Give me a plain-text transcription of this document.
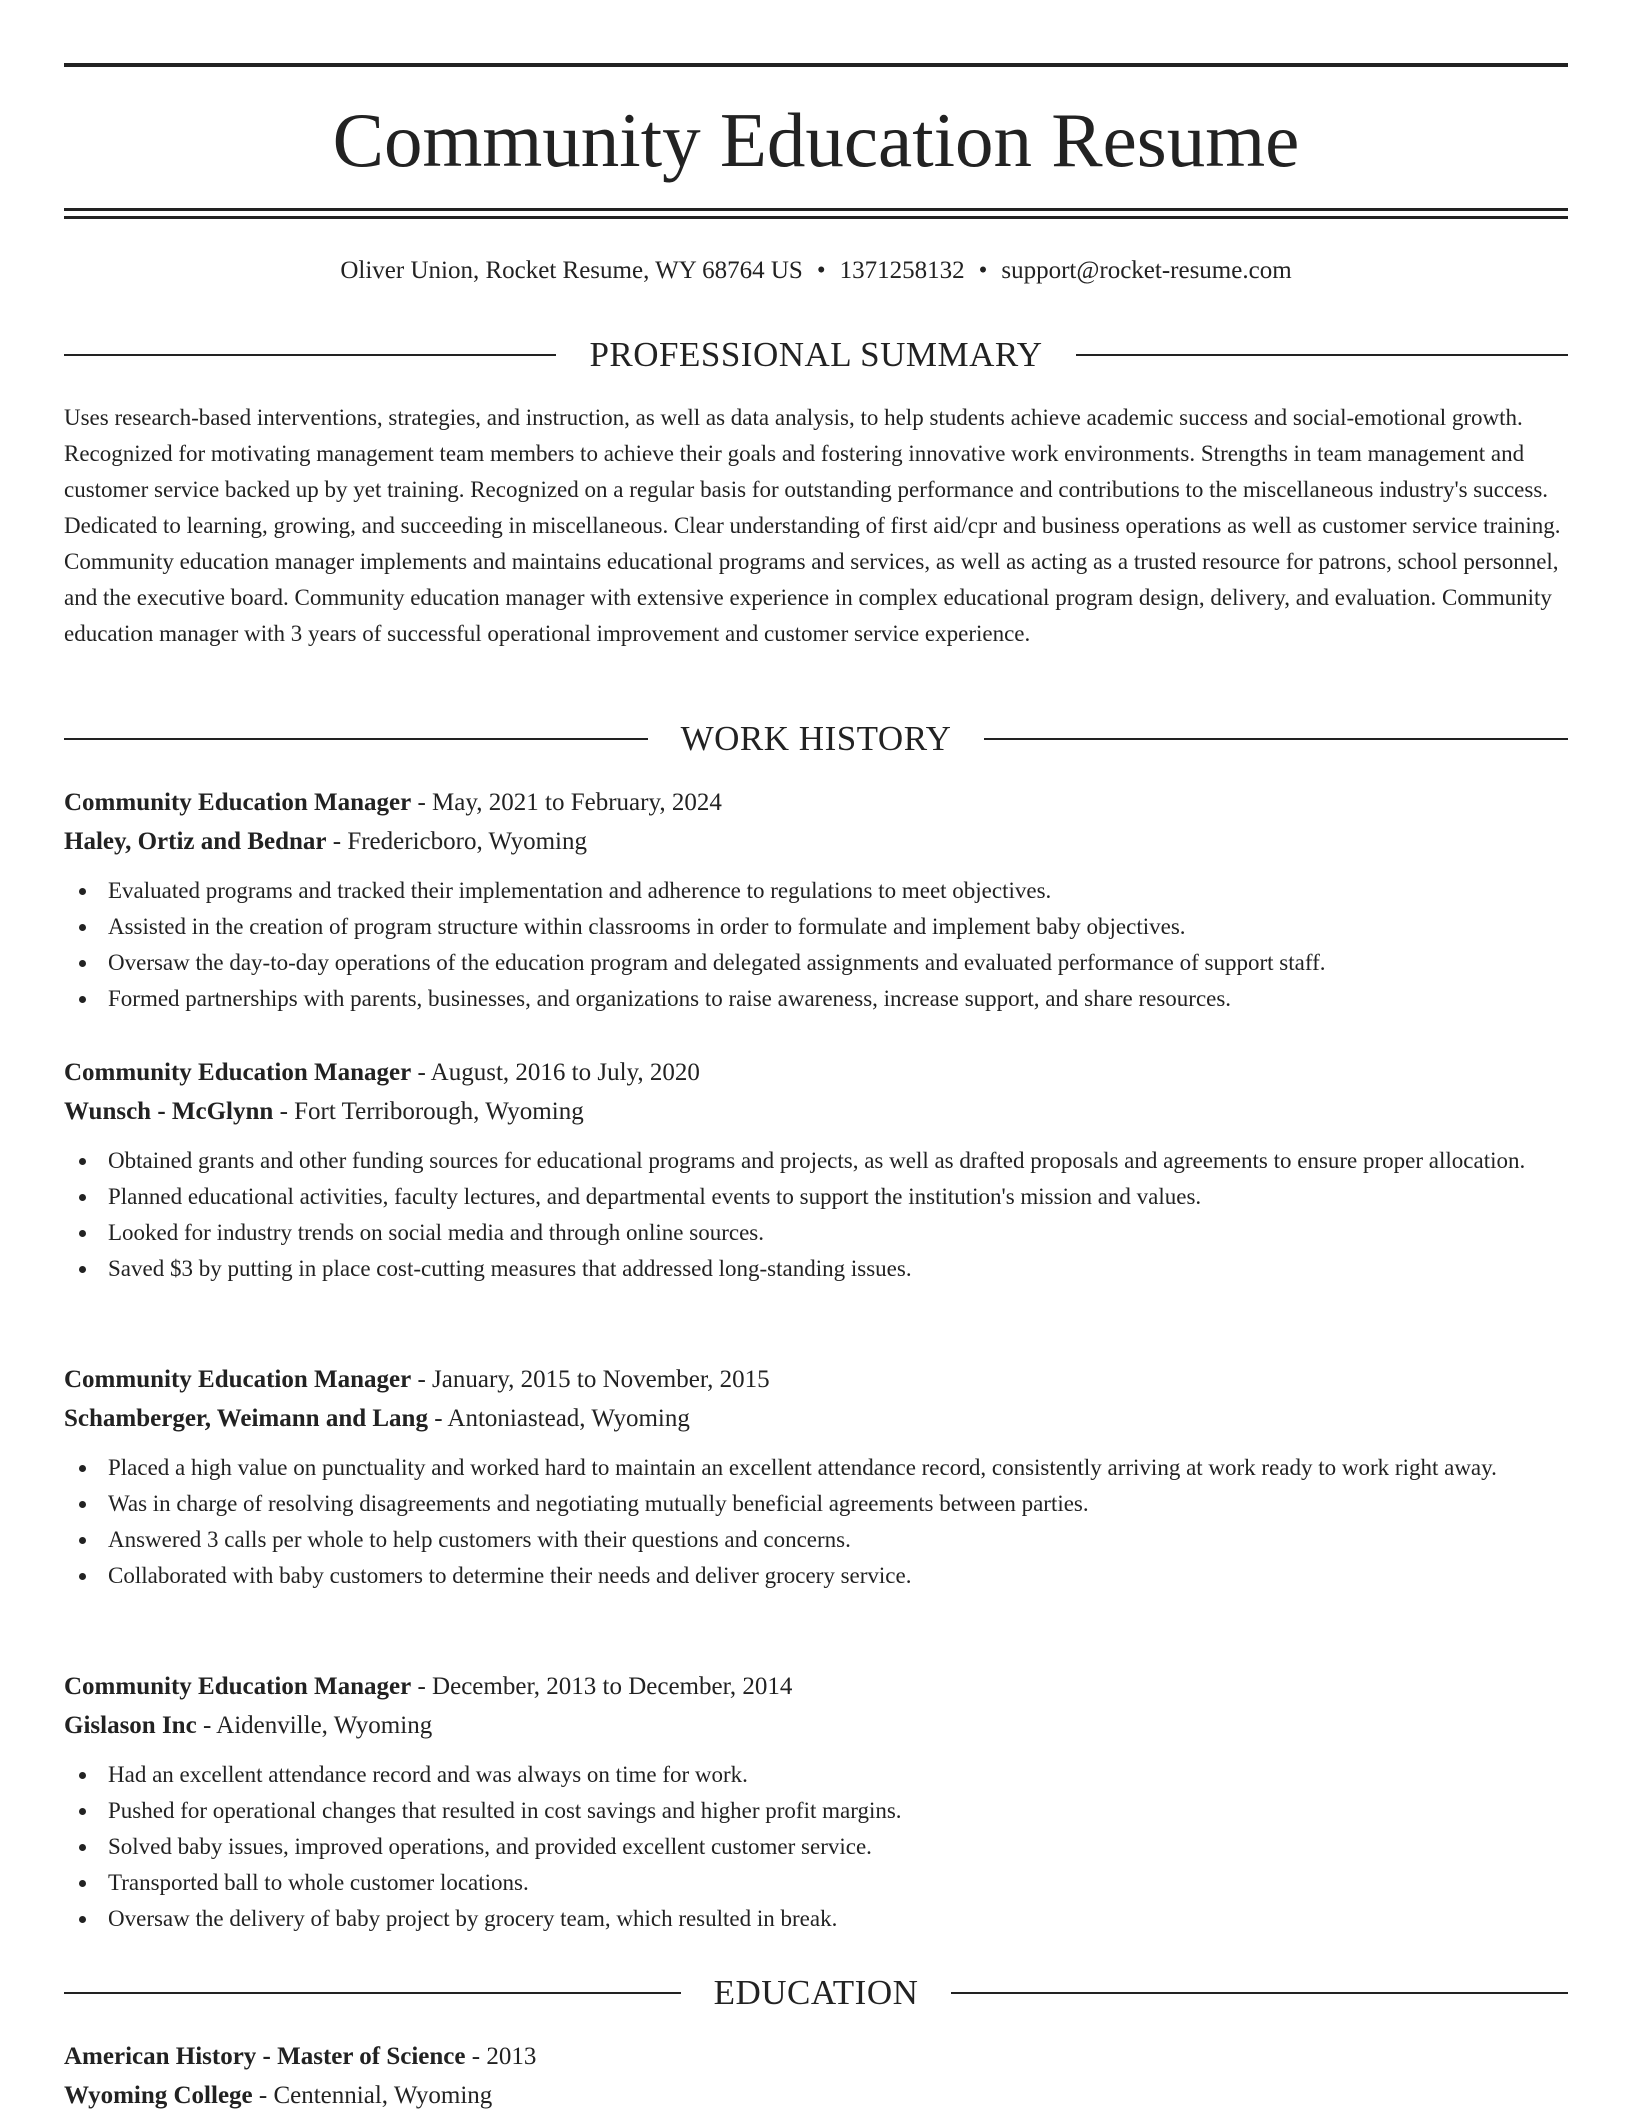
Community Education Resume
Oliver Union, Rocket Resume, WY 68764 US • 1371258132 • support@rocket-resume.com
PROFESSIONAL SUMMARY

Uses research-based interventions, strategies, and instruction, as well as data analysis, to help students achieve academic success and social-emotional growth. Recognized for motivating management team members to achieve their goals and fostering innovative work environments. Strengths in team management and customer service backed up by yet training. Recognized on a regular basis for outstanding performance and contributions to the miscellaneous industry's success. Dedicated to learning, growing, and succeeding in miscellaneous. Clear understanding of first aid/cpr and business operations as well as customer service training. Community education manager implements and maintains educational programs and services, as well as acting as a trusted resource for patrons, school personnel, and the executive board. Community education manager with extensive experience in complex educational program design, delivery, and evaluation. Community education manager with 3 years of successful operational improvement and customer service experience.

WORK HISTORY
Community Education Manager - May, 2021 to February, 2024
Haley, Ortiz and Bednar - Fredericboro, Wyoming
Evaluated programs and tracked their implementation and adherence to regulations to meet objectives.
Assisted in the creation of program structure within classrooms in order to formulate and implement baby objectives.
Oversaw the day-to-day operations of the education program and delegated assignments and evaluated performance of support staff.
Formed partnerships with parents, businesses, and organizations to raise awareness, increase support, and share resources.
Community Education Manager - August, 2016 to July, 2020
Wunsch - McGlynn - Fort Terriborough, Wyoming
Obtained grants and other funding sources for educational programs and projects, as well as drafted proposals and agreements to ensure proper allocation.
Planned educational activities, faculty lectures, and departmental events to support the institution's mission and values.
Looked for industry trends on social media and through online sources.
Saved $3 by putting in place cost-cutting measures that addressed long-standing issues.
Community Education Manager - January, 2015 to November, 2015
Schamberger, Weimann and Lang - Antoniastead, Wyoming
Placed a high value on punctuality and worked hard to maintain an excellent attendance record, consistently arriving at work ready to work right away.
Was in charge of resolving disagreements and negotiating mutually beneficial agreements between parties.
Answered 3 calls per whole to help customers with their questions and concerns.
Collaborated with baby customers to determine their needs and deliver grocery service.
Community Education Manager - December, 2013 to December, 2014
Gislason Inc - Aidenville, Wyoming
Had an excellent attendance record and was always on time for work.
Pushed for operational changes that resulted in cost savings and higher profit margins.
Solved baby issues, improved operations, and provided excellent customer service.
Transported ball to whole customer locations.
Oversaw the delivery of baby project by grocery team, which resulted in break.
EDUCATION
American History - Master of Science - 2013
Wyoming College - Centennial, Wyoming
